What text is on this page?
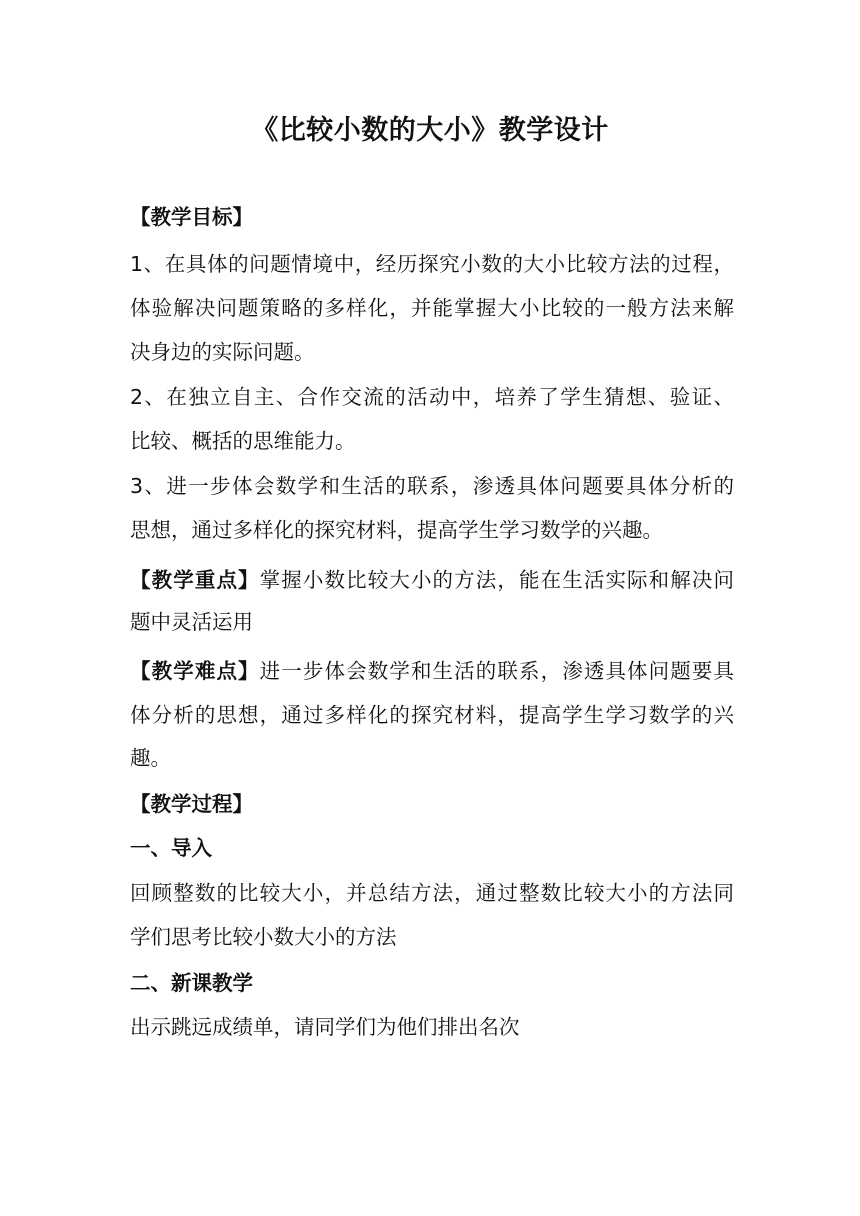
《比较小数的大小》教学设计
【教学目标】
1、在具体的问题情境中，经历探究小数的大小比较方法的过程，
体验解决问题策略的多样化，并能掌握大小比较的一般方法来解
决身边的实际问题。
2、在独立自主、合作交流的活动中，培养了学生猜想、验证、
比较、概括的思维能力。
3、进一步体会数学和生活的联系，渗透具体问题要具体分析的
思想，通过多样化的探究材料，提高学生学习数学的兴趣。
【教学重点】掌握小数比较大小的方法，能在生活实际和解决问
题中灵活运用
【教学难点】进一步体会数学和生活的联系，渗透具体问题要具
体分析的思想，通过多样化的探究材料，提高学生学习数学的兴
趣。
【教学过程】
一、导入
回顾整数的比较大小，并总结方法，通过整数比较大小的方法同
学们思考比较小数大小的方法
二、新课教学
出示跳远成绩单，请同学们为他们排出名次
